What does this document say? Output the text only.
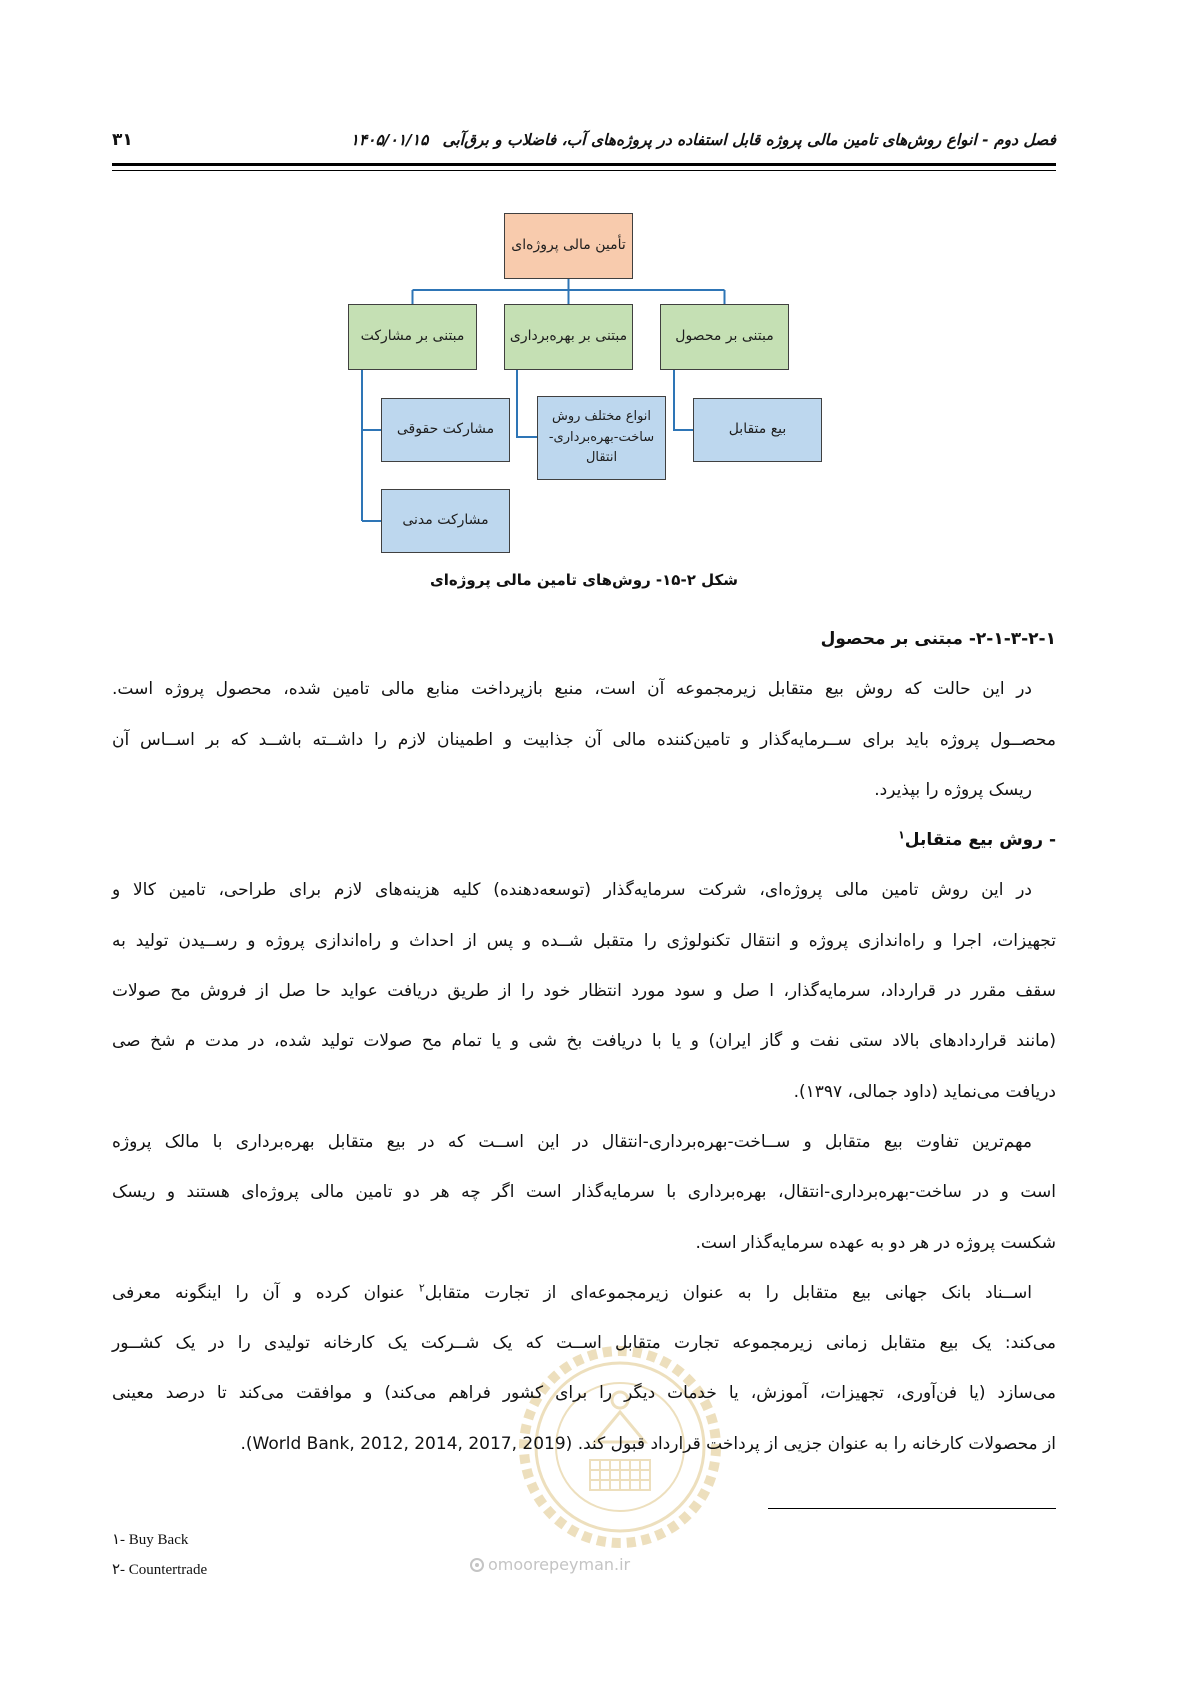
فصل دوم - انواع روش‌های تامین مالی پروژه قابل استفاده در پروژه‌های آب، فاضلاب و برق‌آبی۱۴۰۵/۰۱/۱۵
۳۱
تأمین مالی پروژه‌ای
مبتنی بر مشارکت	مبتنی بر بهره‌برداری	مبتنی بر محصول
مشارکت حقوقی
مشارکت مدنی
انواع مختلف روش
ساخت-بهره‌برداری-
انتقال
بیع متقابل
شکل ۲-۱۵- روش‌های تامین مالی پروژه‌ای
omoorepeyman.ir
۲-۱-۳-۲-۱- مبتنی بر محصول
در این حالت که روش بیع متقابل زیرمجموعه آن است، منبع بازپرداخت منابع مالی تامین شده، محصول پروژه است.
محصــول پروژه باید برای ســرمایه‌گذار و تامین‌کننده مالی آن جذابیت و اطمینان لازم را داشــته باشــد که بر اســاس آن
ریسک پروژه را بپذیرد.
- روش بیع متقابل$^۱$
در این روش تامین مالی پروژه‌ای، شرکت سرمایه‌گذار (توسعه‌دهنده) کلیه هزینه‌های لازم برای طراحی، تامین کالا و
تجهیزات، اجرا و راه‌اندازی پروژه و انتقال تکنولوژی را متقبل شــده و پس از احداث و راه‌اندازی پروژه و رســیدن تولید به
سقف مقرر در قرارداد، سرمایه‌گذار، ا صل و سود مورد انتظار خود را از طریق دریافت عواید حا صل از فروش مح صولات
(مانند قراردادهای بالاد ستی نفت و گاز ایران) و یا با دریافت بخ شی و یا تمام مح صولات تولید شده، در مدت م شخ صی
دریافت می‌نماید (داود جمالی، ۱۳۹۷).
مهم‌ترین تفاوت بیع متقابل و ســاخت-بهره‌برداری-انتقال در این اســت که در بیع متقابل بهره‌برداری با مالک پروژه
است و در ساخت-بهره‌برداری-انتقال، بهره‌برداری با سرمایه‌گذار است اگر چه هر دو تامین مالی پروژه‌ای هستند و ریسک
شکست پروژه در هر دو به عهده سرمایه‌گذار است.
اســناد بانک جهانی بیع متقابل را به عنوان زیرمجموعه‌ای از تجارت متقابل$^۲$ عنوان کرده و آن را اینگونه معرفی
می‌کند: یک بیع متقابل زمانی زیرمجموعه تجارت متقابل اســت که یک شــرکت یک کارخانه تولیدی را در یک کشــور
می‌سازد (یا فن‌آوری، تجهیزات، آموزش، یا خدمات دیگر را برای کشور فراهم می‌کند) و موافقت می‌کند تا درصد معینی
از محصولات کارخانه را به عنوان جزیی از پرداخت قرارداد قبول کند. (World Bank, 2012, 2014, 2017, 2019).
۱- Buy Back
۲- Countertrade
